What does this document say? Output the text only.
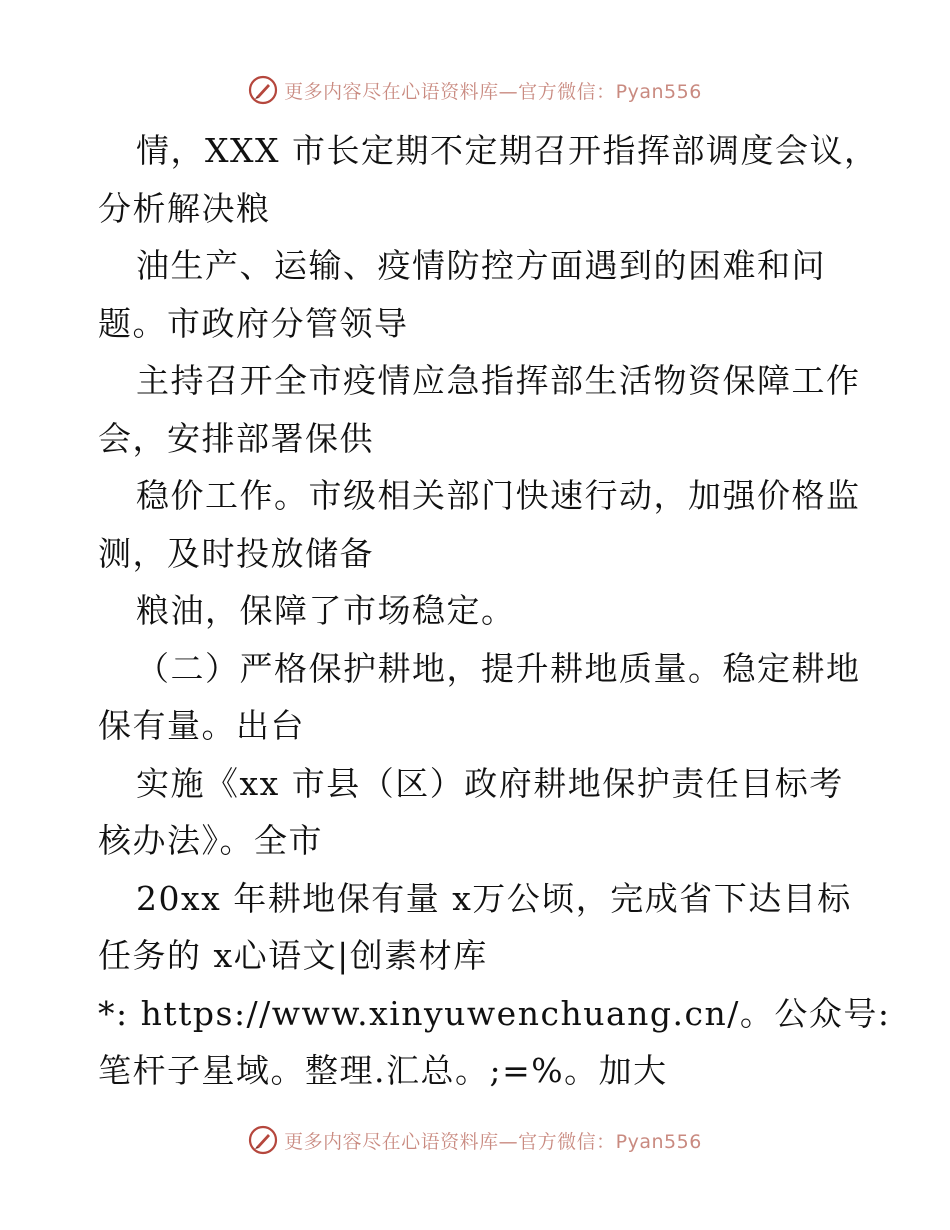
更多内容尽在心语资料库—官方微信：Pyan556
情，XXX 市长定期不定期召开指挥部调度会议，
分析解决粮
油生产、运输、疫情防控方面遇到的困难和问
题。市政府分管领导
主持召开全市疫情应急指挥部生活物资保障工作
会，安排部署保供
稳价工作。市级相关部门快速行动，加强价格监
测，及时投放储备
粮油，保障了市场稳定。
（二）严格保护耕地，提升耕地质量。稳定耕地
保有量。出台
实施《xx 市县（区）政府耕地保护责任目标考
核办法》。全市
20xx 年耕地保有量 x万公顷，完成省下达目标
任务的 x心语文|创素材库
*: https://www.xinyuwenchuang.cn/。公众号:
笔杆子星域。整理.汇总。;=%。加大
更多内容尽在心语资料库—官方微信：Pyan556
